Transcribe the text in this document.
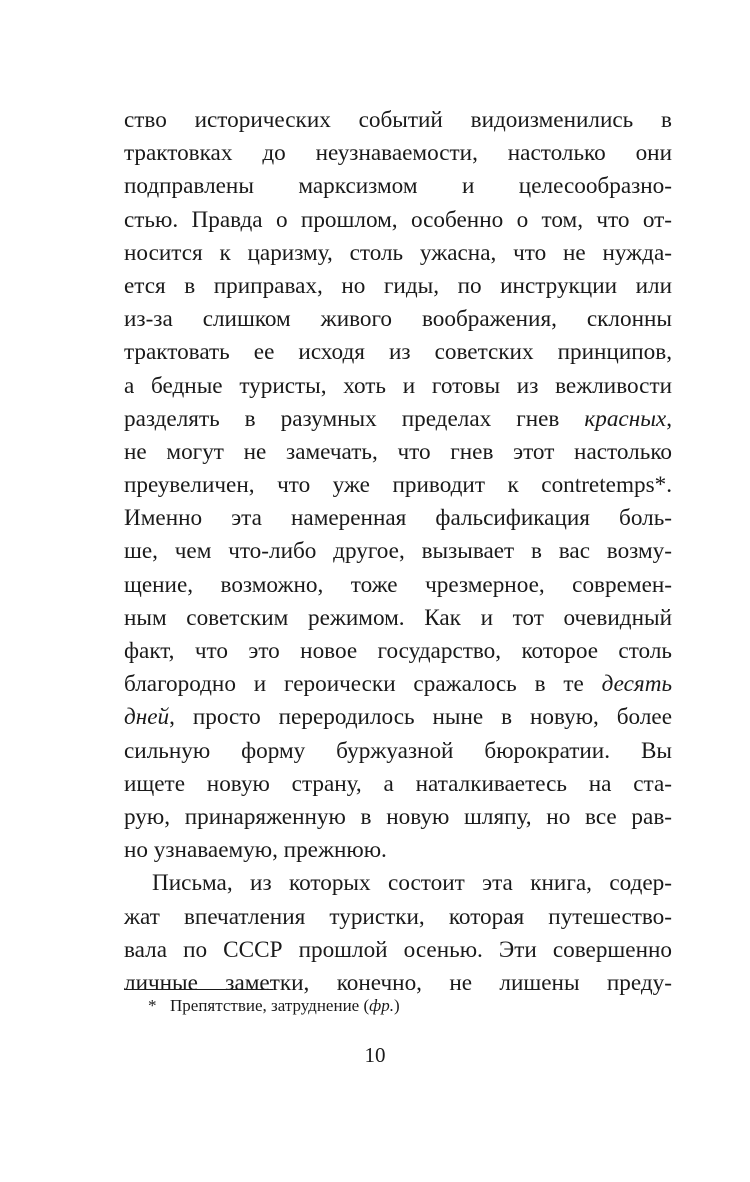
ство исторических событий видоизменились в
трактовках до неузнаваемости, настолько они
подправлены марксизмом и целесообразно-
стью. Правда о прошлом, особенно о том, что от-
носится к царизму, столь ужасна, что не нужда-
ется в приправах, но гиды, по инструкции или
из-за слишком живого воображения, склонны
трактовать ее исходя из советских принципов,
а бедные туристы, хоть и готовы из вежливости
разделять в разумных пределах гнев красных,
не могут не замечать, что гнев этот настолько
преувеличен, что уже приводит к contretemps*.
Именно эта намеренная фальсификация боль-
ше, чем что-либо другое, вызывает в вас возму-
щение, возможно, тоже чрезмерное, современ-
ным советским режимом. Как и тот очевидный
факт, что это новое государство, которое столь
благородно и героически сражалось в те десять
дней, просто переродилось ныне в новую, более
сильную форму буржуазной бюрократии. Вы
ищете новую страну, а наталкиваетесь на ста-
рую, принаряженную в новую шляпу, но все рав-
но узнаваемую, прежнюю.
Письма, из которых состоит эта книга, содер-
жат впечатления туристки, которая путешество-
вала по СССР прошлой осенью. Эти совершенно
личные заметки, конечно, не лишены преду-
* Препятствие, затруднение (фр.)
10
